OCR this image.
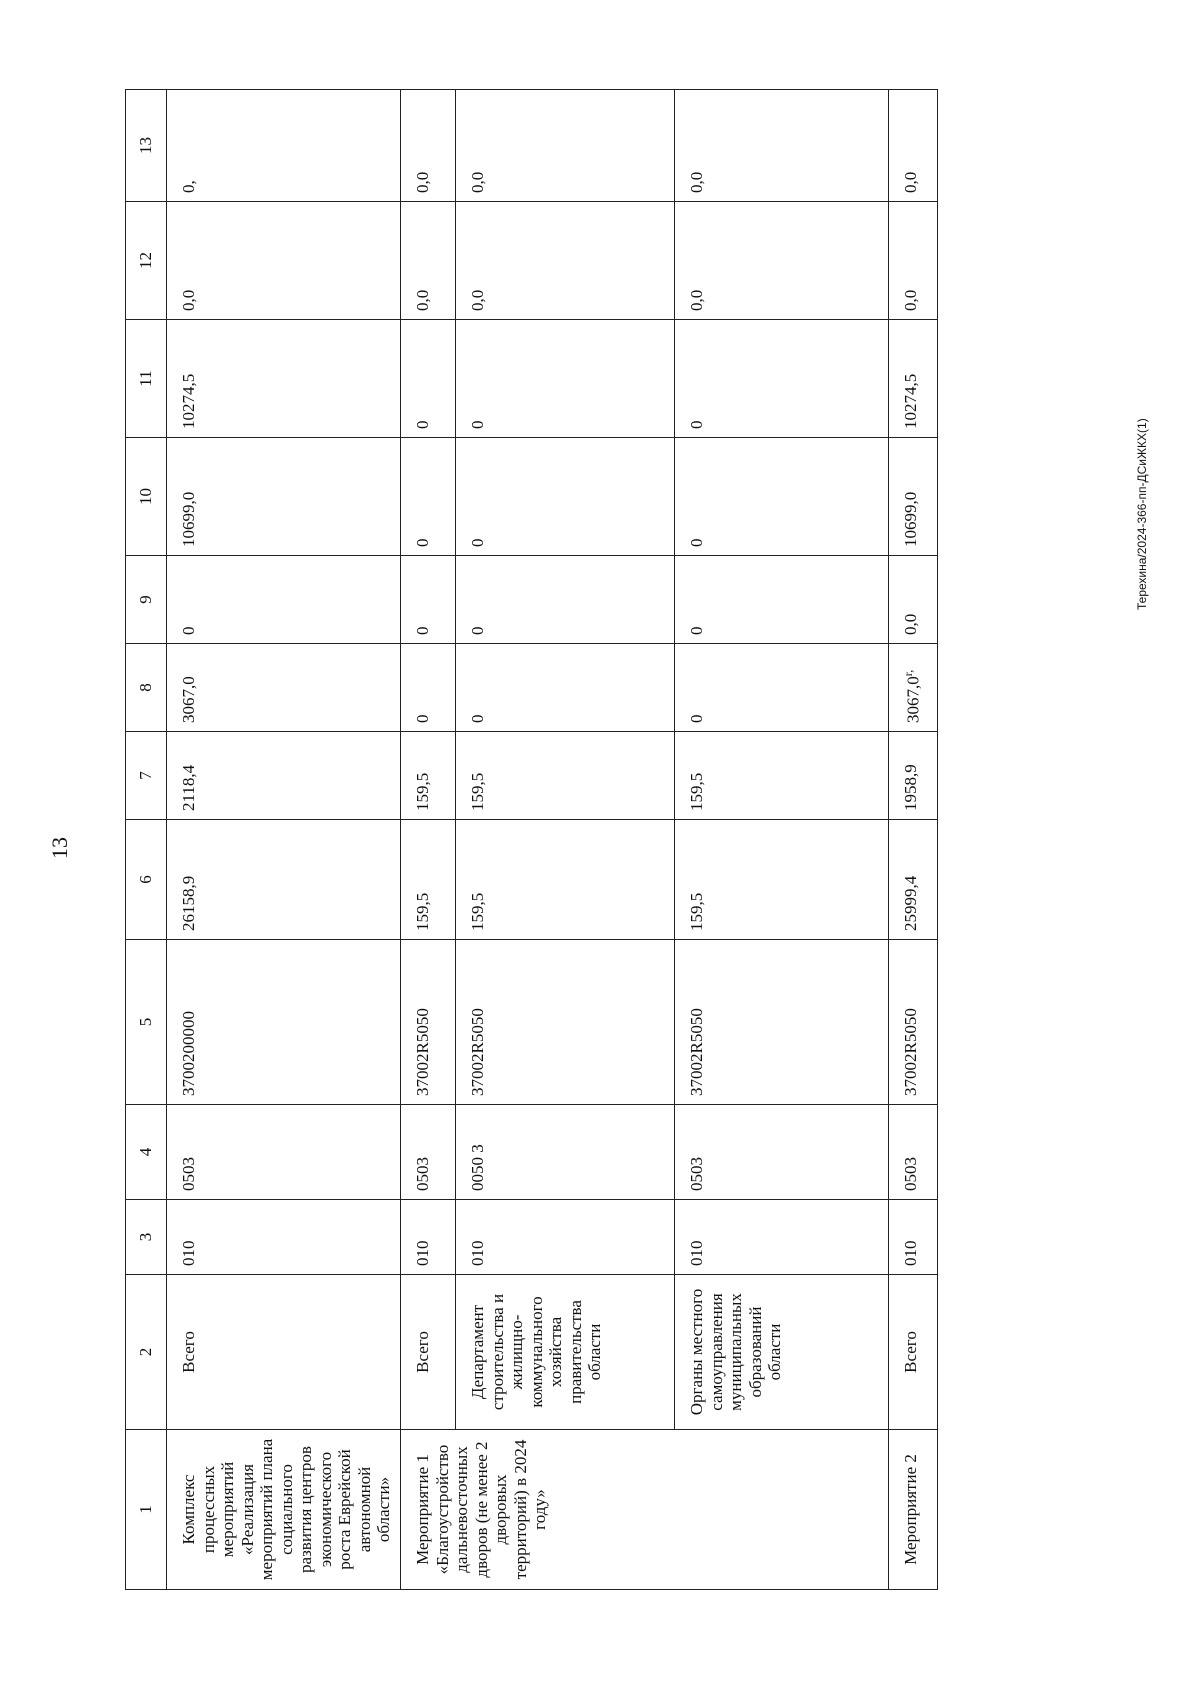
13
Терехина/2024-366-пп-ДСиЖКХ(1)
1	2	3	4	5	6	7	8	9	10	11	12	13
Комплекс процессных мероприятий «Реализация мероприятий плана социального развития центров экономического роста Еврейской автономной области»	Всего	010	0503	3700200000	26158,9	2118,4	3067,0	0	10699,0	10274,5	0,0	0,
Мероприятие 1 «Благоустройство дальневосточных дворов (не менее 2 дворовых территорий) в 2024 году»	Всего	010	0503	37002R5050	159,5	159,5	0	0	0	0	0,0	0,0
	Департамент строительства и жилищно-коммунального хозяйства правительства области	010	0050 3	37002R5050	159,5	159,5	0	0	0	0	0,0	0,0
	Органы местного самоуправления муниципальных образований области	010	0503	37002R5050	159,5	159,5	0	0	0	0	0,0	0,0
Мероприятие 2	Всего	010	0503	37002R5050	25999,4	1958,9	$3067,0^{r,}$	0,0	10699,0	10274,5	0,0	0,0
